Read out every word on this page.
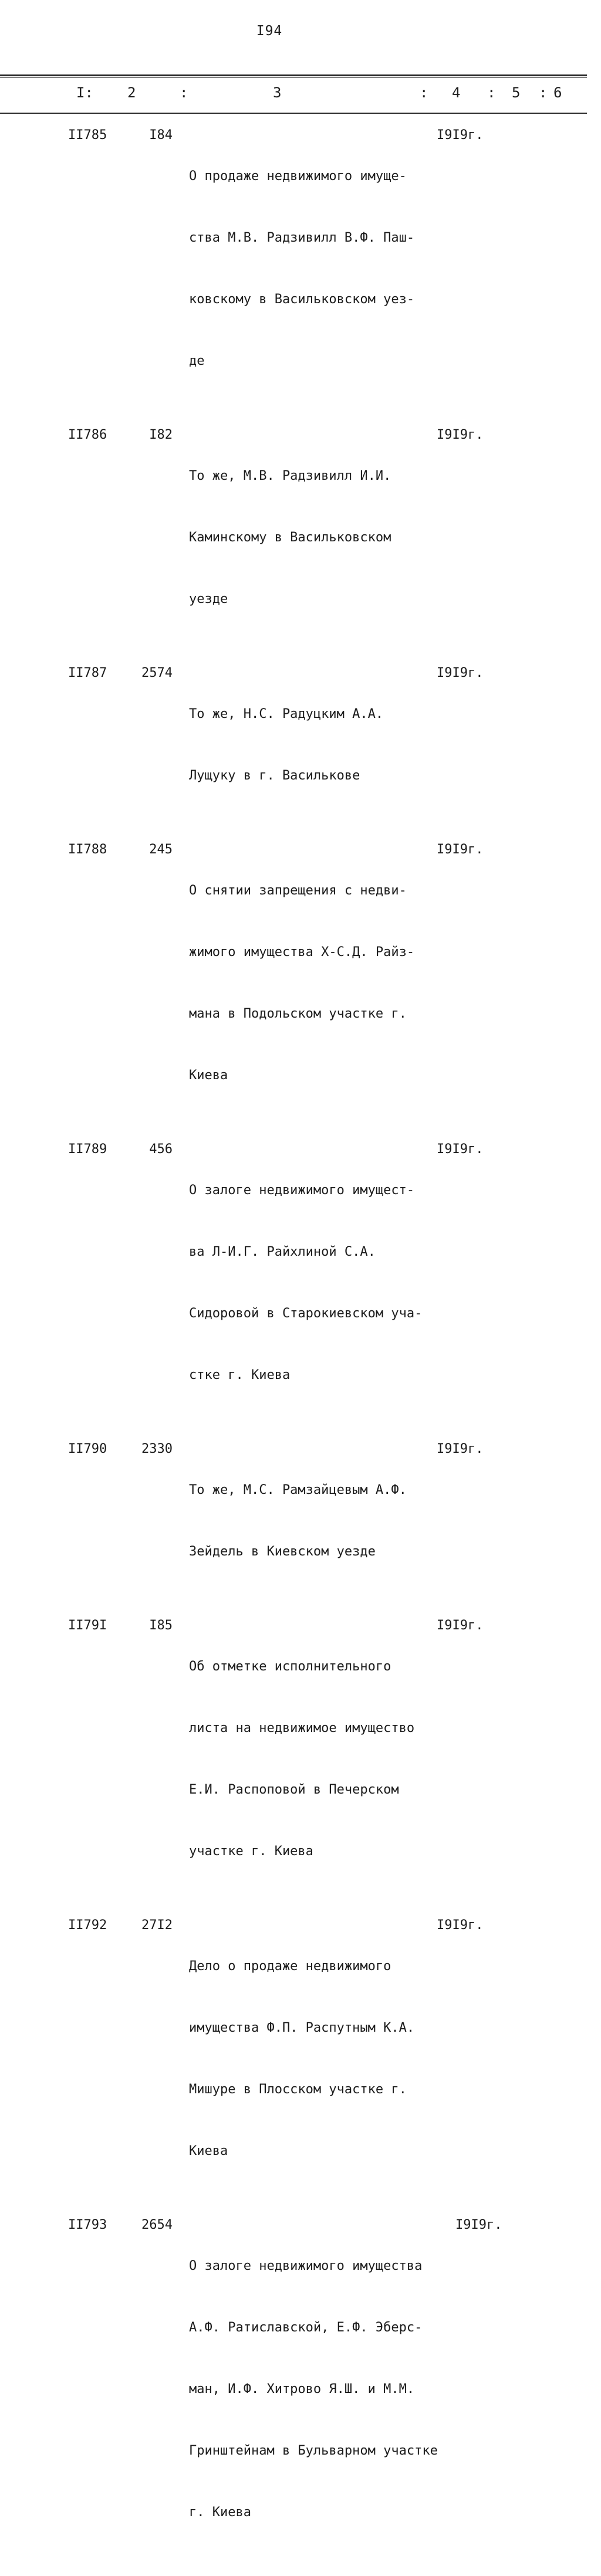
I94
I: 2	:	3	: 4 : 5 : 6
II785	I84	I9I9г.

О продаже недвижимого имуще-

ства М.В. Радзивилл В.Ф. Паш-

ковскому в Васильковском уез-

де

II786	I82	I9I9г.

То же, М.В. Радзивилл И.И.

Каминскому в Васильковском

уезде

II787	2574	I9I9г.

То же, Н.С. Радуцким А.А.

Лущуку в г. Василькове

II788	245	I9I9г.

О снятии запрещения с недви-

жимого имущества Х-С.Д. Райз-

мана в Подольском участке г.

Киева

II789	456	I9I9г.

О залоге недвижимого имущест-

ва Л-И.Г. Райхлиной С.А.

Сидоровой в Старокиевском уча-

стке г. Киева

II790	2330	I9I9г.

То же, М.С. Рамзайцевым А.Ф.

Зейдель в Киевском уезде

II79I	I85	I9I9г.

Об отметке исполнительного

листа на недвижимое имущество

Е.И. Распоповой в Печерском

участке г. Киева

II792	27I2	I9I9г.

Дело о продаже недвижимого

имущества Ф.П. Распутным К.А.

Мишуре в Плосском участке г.

Киева

II793	2654	I9I9г.

О залоге недвижимого имущества

А.Ф. Ратиславской, Е.Ф. Эберс-

ман, И.Ф. Хитрово Я.Ш. и М.М.

Гринштейнам в Бульварном участке

г. Киева
